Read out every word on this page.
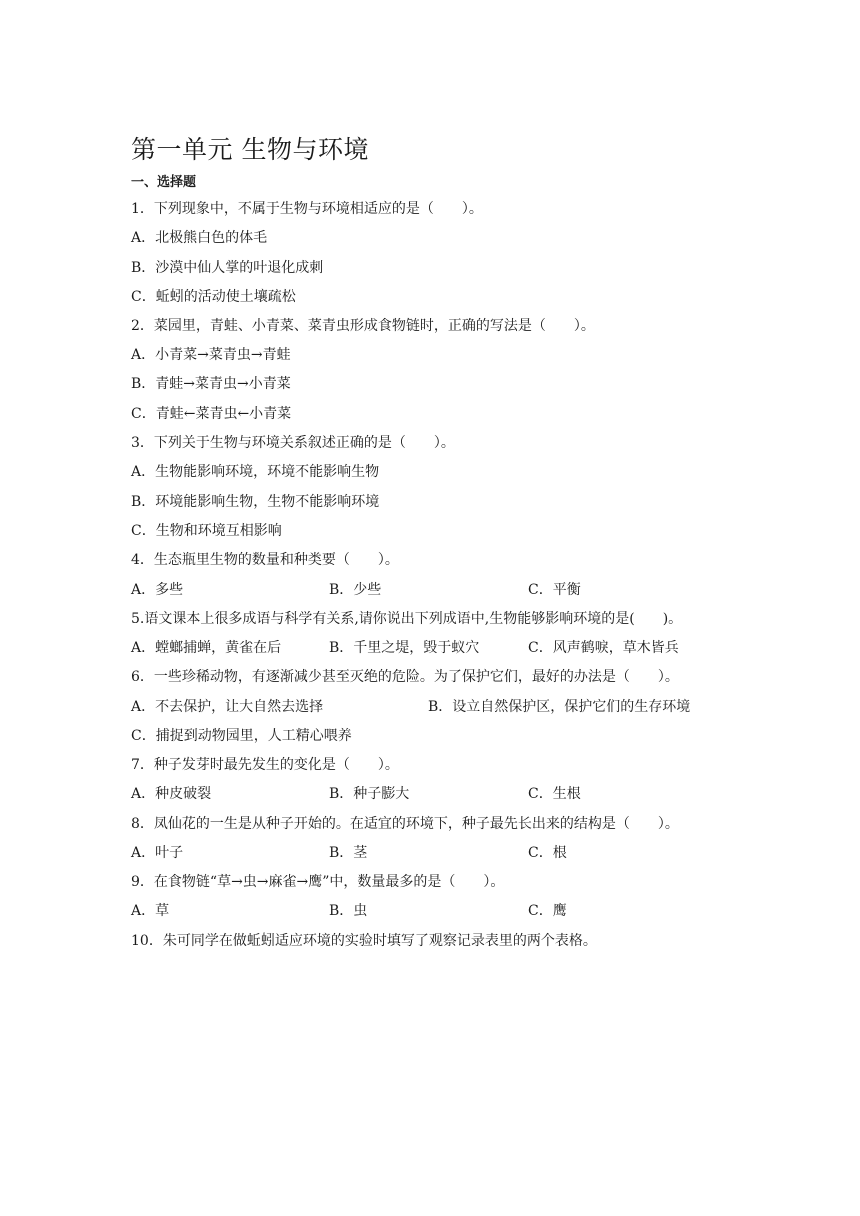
第一单元 生物与环境
一、选择题
1．下列现象中，不属于生物与环境相适应的是（　　）。
A．北极熊白色的体毛
B．沙漠中仙人掌的叶退化成刺
C．蚯蚓的活动使土壤疏松
2．菜园里，青蛙、小青菜、菜青虫形成食物链时，正确的写法是（　　）。
A．小青菜→菜青虫→青蛙
B．青蛙→菜青虫→小青菜
C．青蛙←菜青虫←小青菜
3．下列关于生物与环境关系叙述正确的是（　　）。
A．生物能影响环境，环境不能影响生物
B．环境能影响生物，生物不能影响环境
C．生物和环境互相影响
4．生态瓶里生物的数量和种类要（　　）。
A．多些	B．少些	C．平衡
5.语文课本上很多成语与科学有关系,请你说出下列成语中,生物能够影响环境的是(　　)。
A．螳螂捕蝉，黄雀在后	B．千里之堤，毁于蚁穴	C．风声鹤唳，草木皆兵
6．一些珍稀动物，有逐渐减少甚至灭绝的危险。为了保护它们，最好的办法是（　　）。
A．不去保护，让大自然去选择	B．设立自然保护区，保护它们的生存环境
C．捕捉到动物园里，人工精心喂养
7．种子发芽时最先发生的变化是（　　）。
A．种皮破裂	B．种子膨大	C．生根
8．凤仙花的一生是从种子开始的。在适宜的环境下，种子最先长出来的结构是（　　）。
A．叶子	B．茎	C．根
9．在食物链“草→虫→麻雀→鹰”中，数量最多的是（　　）。
A．草	B．虫	C．鹰
10．朱可同学在做蚯蚓适应环境的实验时填写了观察记录表里的两个表格。
